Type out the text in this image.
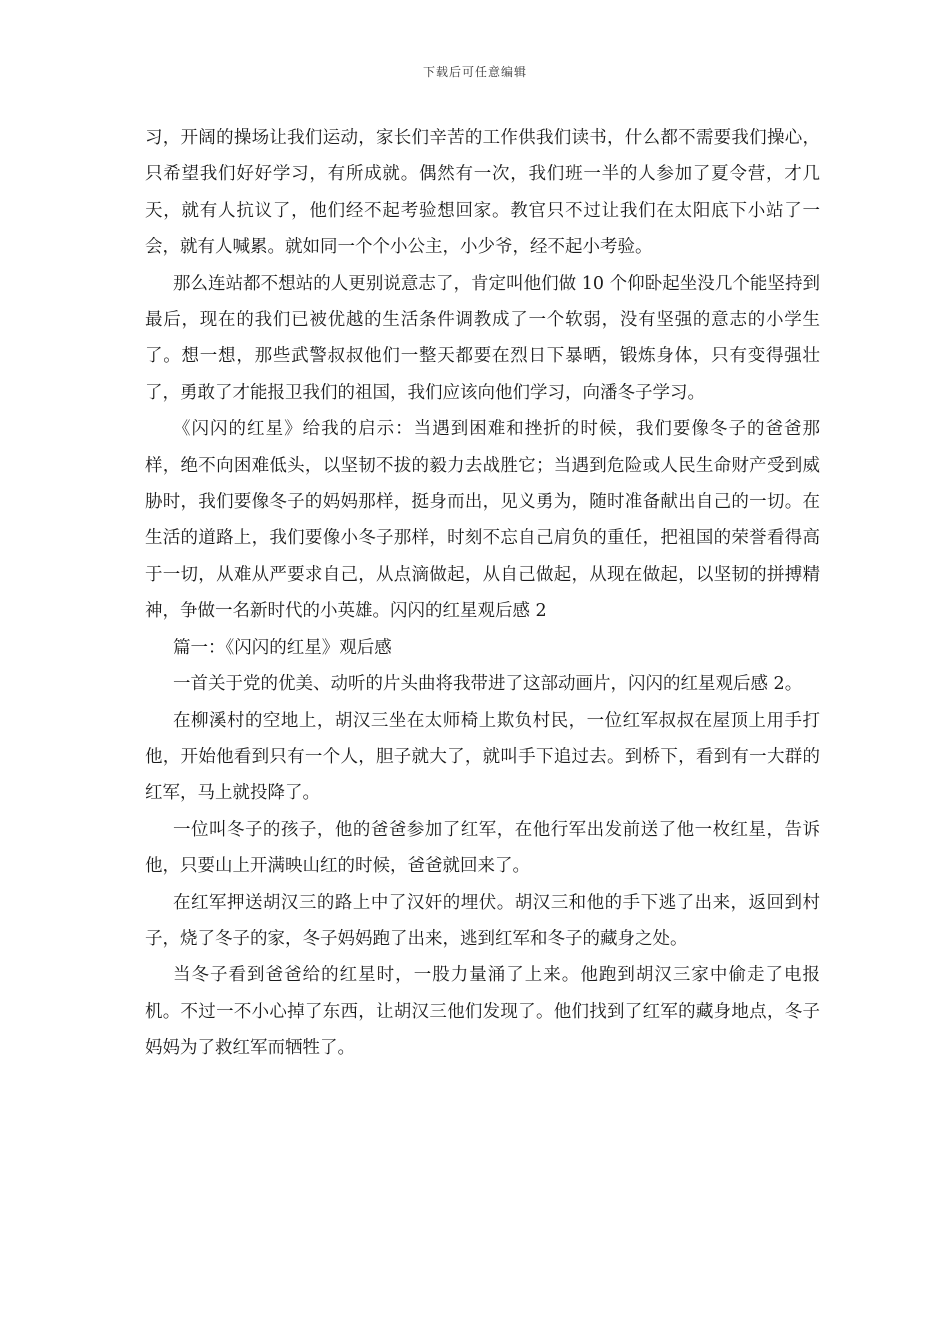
下载后可任意编辑

习，开阔的操场让我们运动，家长们辛苦的工作供我们读书，什么都不需要我们操心，只希望我们好好学习，有所成就。偶然有一次，我们班一半的人参加了夏令营，才几天，就有人抗议了，他们经不起考验想回家。教官只不过让我们在太阳底下小站了一会，就有人喊累。就如同一个个小公主，小少爷，经不起小考验。

那么连站都不想站的人更别说意志了，肯定叫他们做 10 个仰卧起坐没几个能坚持到最后，现在的我们已被优越的生活条件调教成了一个软弱，没有坚强的意志的小学生了。想一想，那些武警叔叔他们一整天都要在烈日下暴晒，锻炼身体，只有变得强壮了，勇敢了才能报卫我们的祖国，我们应该向他们学习，向潘冬子学习。

《闪闪的红星》给我的启示：当遇到困难和挫折的时候，我们要像冬子的爸爸那样，绝不向困难低头，以坚韧不拔的毅力去战胜它；当遇到危险或人民生命财产受到威胁时，我们要像冬子的妈妈那样，挺身而出，见义勇为，随时准备献出自己的一切。在生活的道路上，我们要像小冬子那样，时刻不忘自己肩负的重任，把祖国的荣誉看得高于一切，从难从严要求自己，从点滴做起，从自己做起，从现在做起，以坚韧的拼搏精神，争做一名新时代的小英雄。闪闪的红星观后感 2

篇一：《闪闪的红星》观后感

一首关于党的优美、动听的片头曲将我带进了这部动画片，闪闪的红星观后感 2。

在柳溪村的空地上，胡汉三坐在太师椅上欺负村民，一位红军叔叔在屋顶上用手打他，开始他看到只有一个人，胆子就大了，就叫手下追过去。到桥下，看到有一大群的红军，马上就投降了。

一位叫冬子的孩子，他的爸爸参加了红军，在他行军出发前送了他一枚红星，告诉他，只要山上开满映山红的时候，爸爸就回来了。

在红军押送胡汉三的路上中了汉奸的埋伏。胡汉三和他的手下逃了出来，返回到村子，烧了冬子的家，冬子妈妈跑了出来，逃到红军和冬子的藏身之处。

当冬子看到爸爸给的红星时，一股力量涌了上来。他跑到胡汉三家中偷走了电报机。不过一不小心掉了东西，让胡汉三他们发现了。他们找到了红军的藏身地点，冬子妈妈为了救红军而牺牲了。
